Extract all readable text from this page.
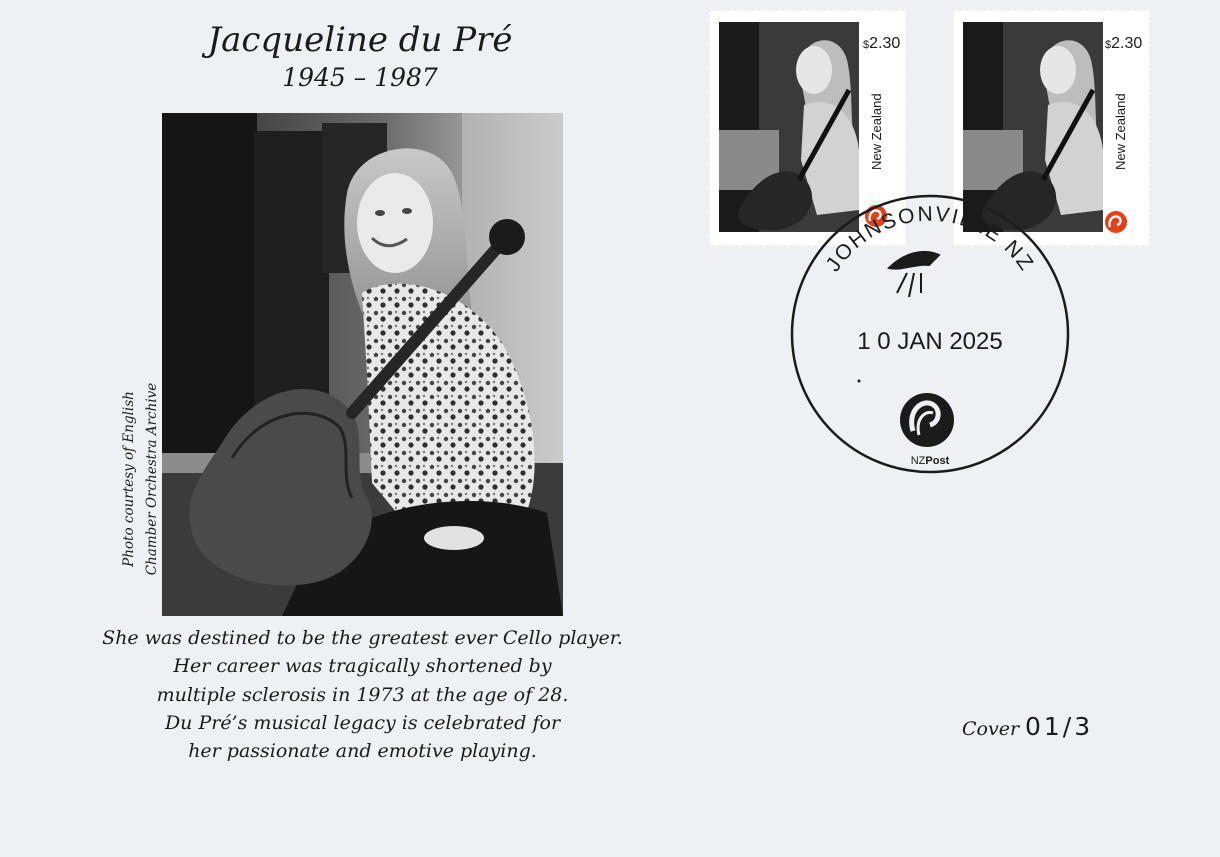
Jacqueline du Pré
1945 – 1987
Photo courtesy of English Chamber Orchestra Archive
She was destined to be the greatest ever Cello player.
Her career was tragically shortened by
multiple sclerosis in 1973 at the age of 28.
Du Pré’s musical legacy is celebrated for
her passionate and emotive playing.
$2.30
New Zealand
$2.30
New Zealand
JOHNSONVILLE NZ
1 0 JAN 2025
NZPost
Cover 01/3
